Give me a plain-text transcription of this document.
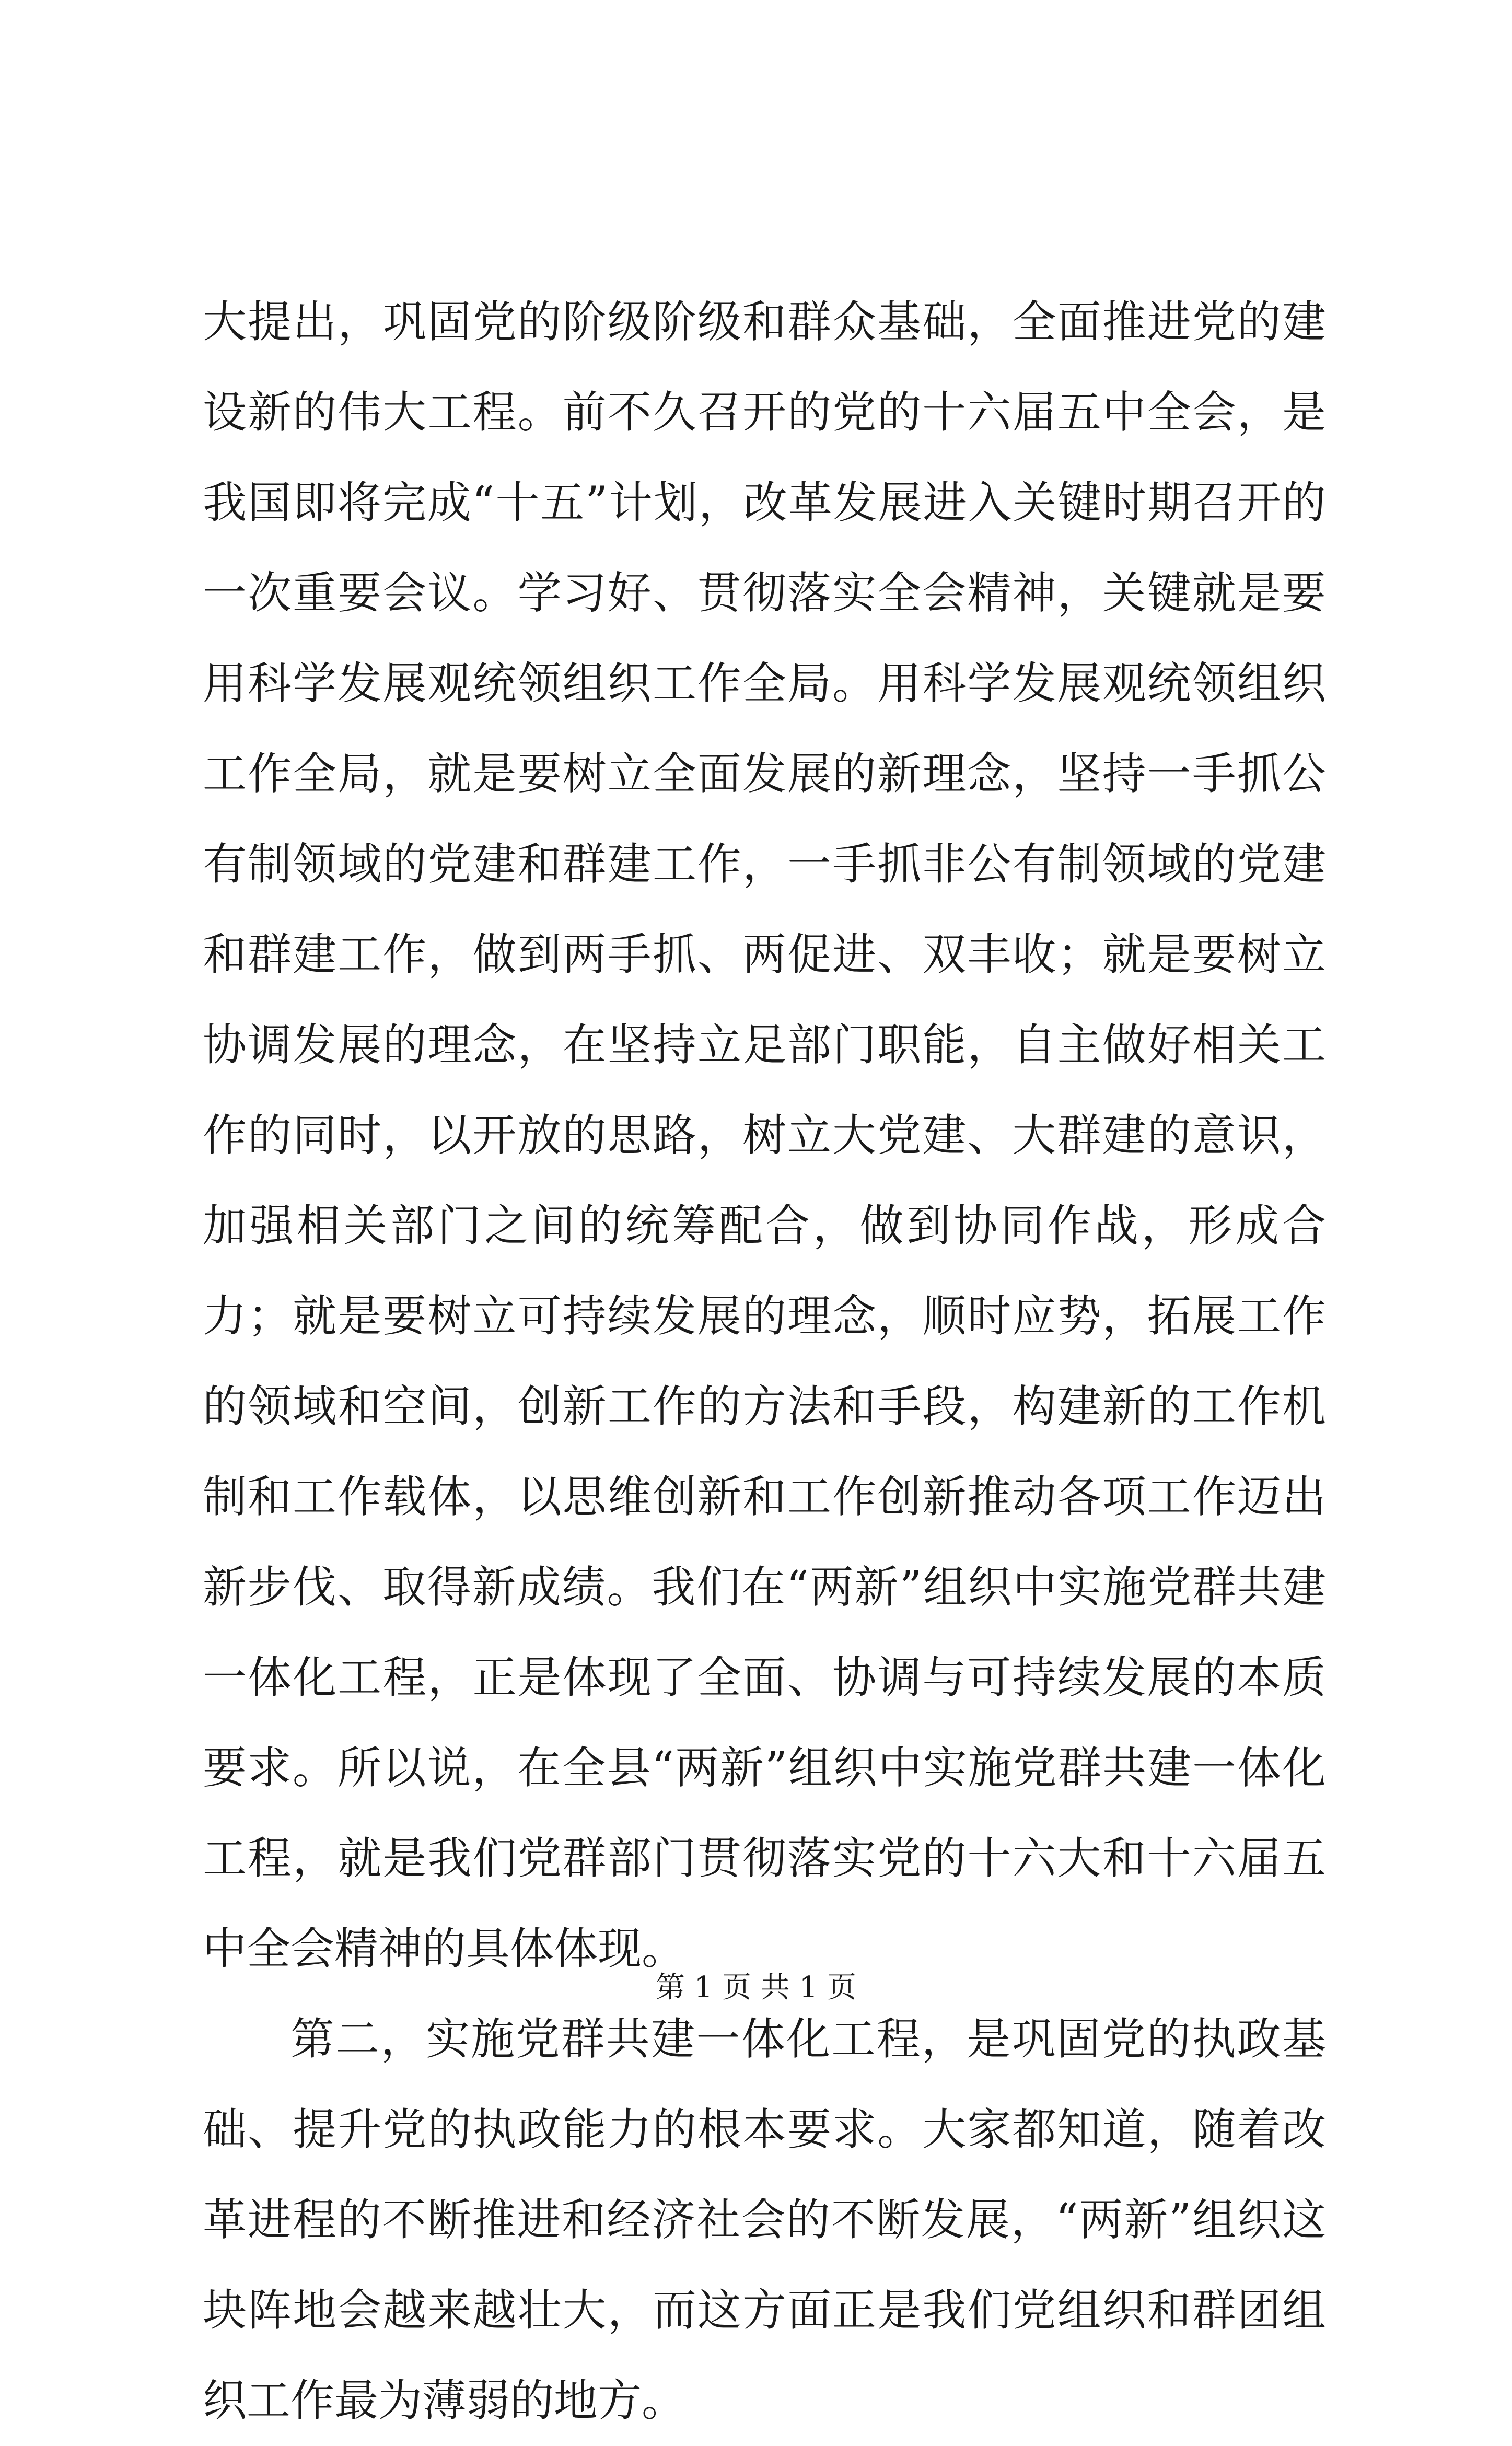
大提出，巩固党的阶级阶级和群众基础，全面推进党的建设新的伟大工程。前不久召开的党的十六届五中全会，是我国即将完成“十五”计划，改革发展进入关键时期召开的一次重要会议。学习好、贯彻落实全会精神，关键就是要用科学发展观统领组织工作全局。用科学发展观统领组织工作全局，就是要树立全面发展的新理念，坚持一手抓公有制领域的党建和群建工作，一手抓非公有制领域的党建和群建工作，做到两手抓、两促进、双丰收；就是要树立协调发展的理念，在坚持立足部门职能，自主做好相关工作的同时，以开放的思路，树立大党建、大群建的意识，加强相关部门之间的统筹配合，做到协同作战，形成合力；就是要树立可持续发展的理念，顺时应势，拓展工作的领域和空间，创新工作的方法和手段，构建新的工作机制和工作载体，以思维创新和工作创新推动各项工作迈出新步伐、取得新成绩。我们在“两新”组织中实施党群共建一体化工程，正是体现了全面、协调与可持续发展的本质要求。所以说，在全县“两新”组织中实施党群共建一体化工程，就是我们党群部门贯彻落实党的十六大和十六届五中全会精神的具体体现。

第二，实施党群共建一体化工程，是巩固党的执政基础、提升党的执政能力的根本要求。大家都知道，随着改革进程的不断推进和经济社会的不断发展，“两新”组织这块阵地会越来越壮大，而这方面正是我们党组织和群团组织工作最为薄弱的地方。

第 1 页 共 1 页
